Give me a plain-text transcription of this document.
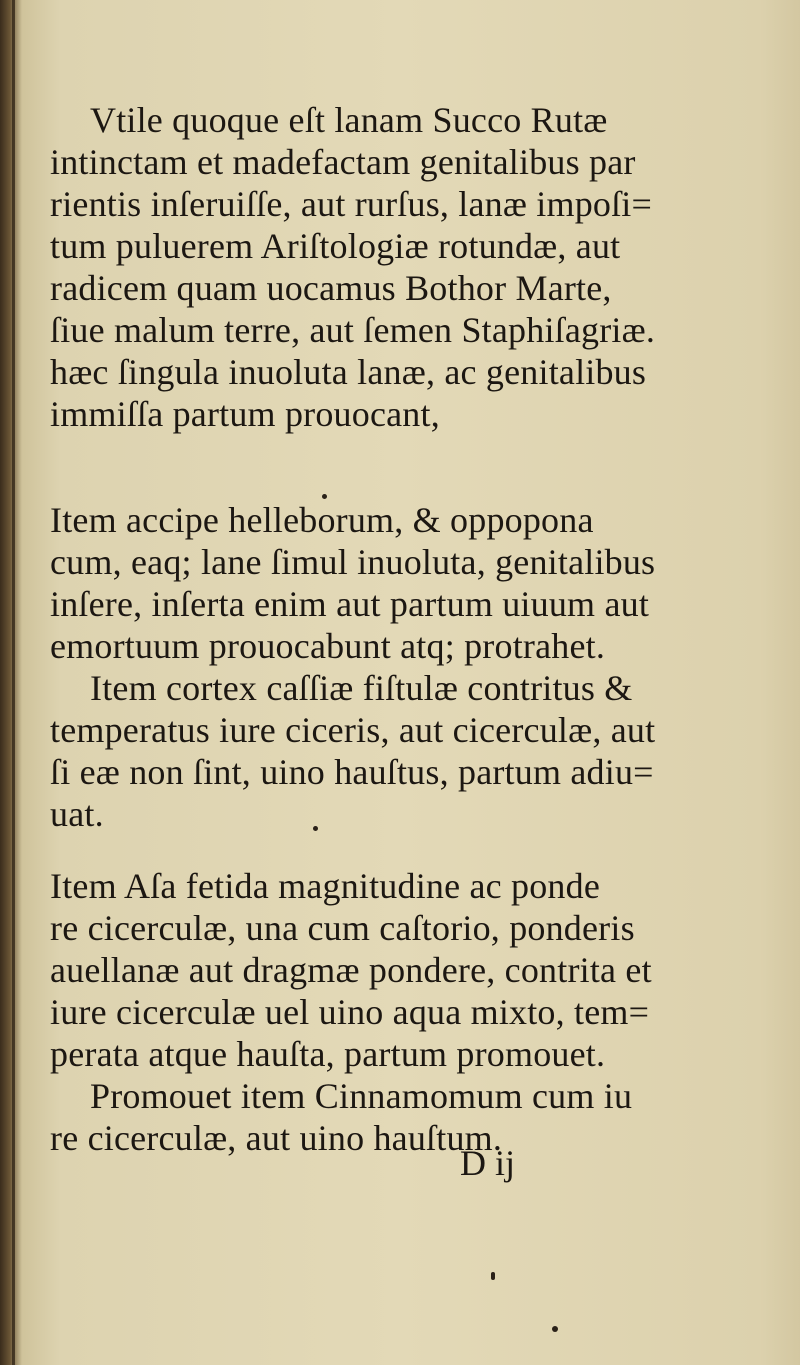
Vtile quoque eſt lanam Succo Rutæ
intinctam et madefactam genitalibus par
rientis inſeruiſſe, aut rurſus, lanæ impoſi=
tum puluerem Ariſtologiæ rotundæ, aut
radicem quam uocamus Bothor Marte,
ſiue malum terre, aut ſemen Staphiſagriæ.
hæc ſingula inuoluta lanæ, ac genitalibus
immiſſa partum prouocant,
Item accipe helleborum, & oppopona
cum, eaq; lane ſimul inuoluta, genitalibus
inſere, inſerta enim aut partum uiuum aut
emortuum prouocabunt atq; protrahet.
Item cortex caſſiæ fiſtulæ contritus &
temperatus iure ciceris, aut cicerculæ, aut
ſi eæ non ſint, uino hauſtus, partum adiu=
uat.
Item Aſa fetida magnitudine ac ponde
re cicerculæ, una cum caſtorio, ponderis
auellanæ aut dragmæ pondere, contrita et
iure cicerculæ uel uino aqua mixto, tem=
perata atque hauſta, partum promouet.
Promouet item Cinnamomum cum iu
re cicerculæ, aut uino hauſtum.
D ij
